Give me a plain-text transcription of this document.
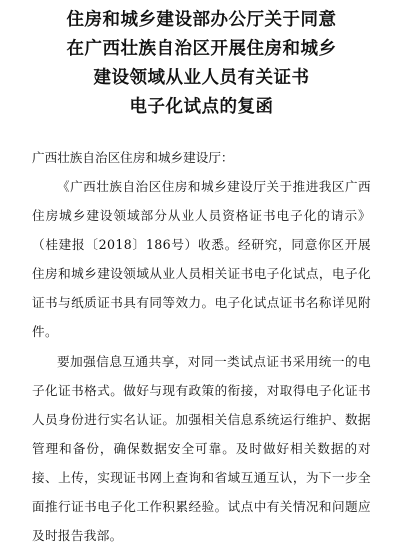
住房和城乡建设部办公厅关于同意
在广西壮族自治区开展住房和城乡
建设领域从业人员有关证书
电子化试点的复函

广西壮族自治区住房和城乡建设厅：

《广西壮族自治区住房和城乡建设厅关于推进我区广西住房城乡建设领域部分从业人员资格证书电子化的请示》（桂建报〔2018〕186号）收悉。经研究，同意你区开展住房和城乡建设领域从业人员相关证书电子化试点，电子化证书与纸质证书具有同等效力。电子化试点证书名称详见附件。

要加强信息互通共享，对同一类试点证书采用统一的电子化证书格式。做好与现有政策的衔接，对取得电子化证书人员身份进行实名认证。加强相关信息系统运行维护、数据管理和备份，确保数据安全可靠。及时做好相关数据的对接、上传，实现证书网上查询和省域互通互认，为下一步全面推行证书电子化工作积累经验。试点中有关情况和问题应及时报告我部。
